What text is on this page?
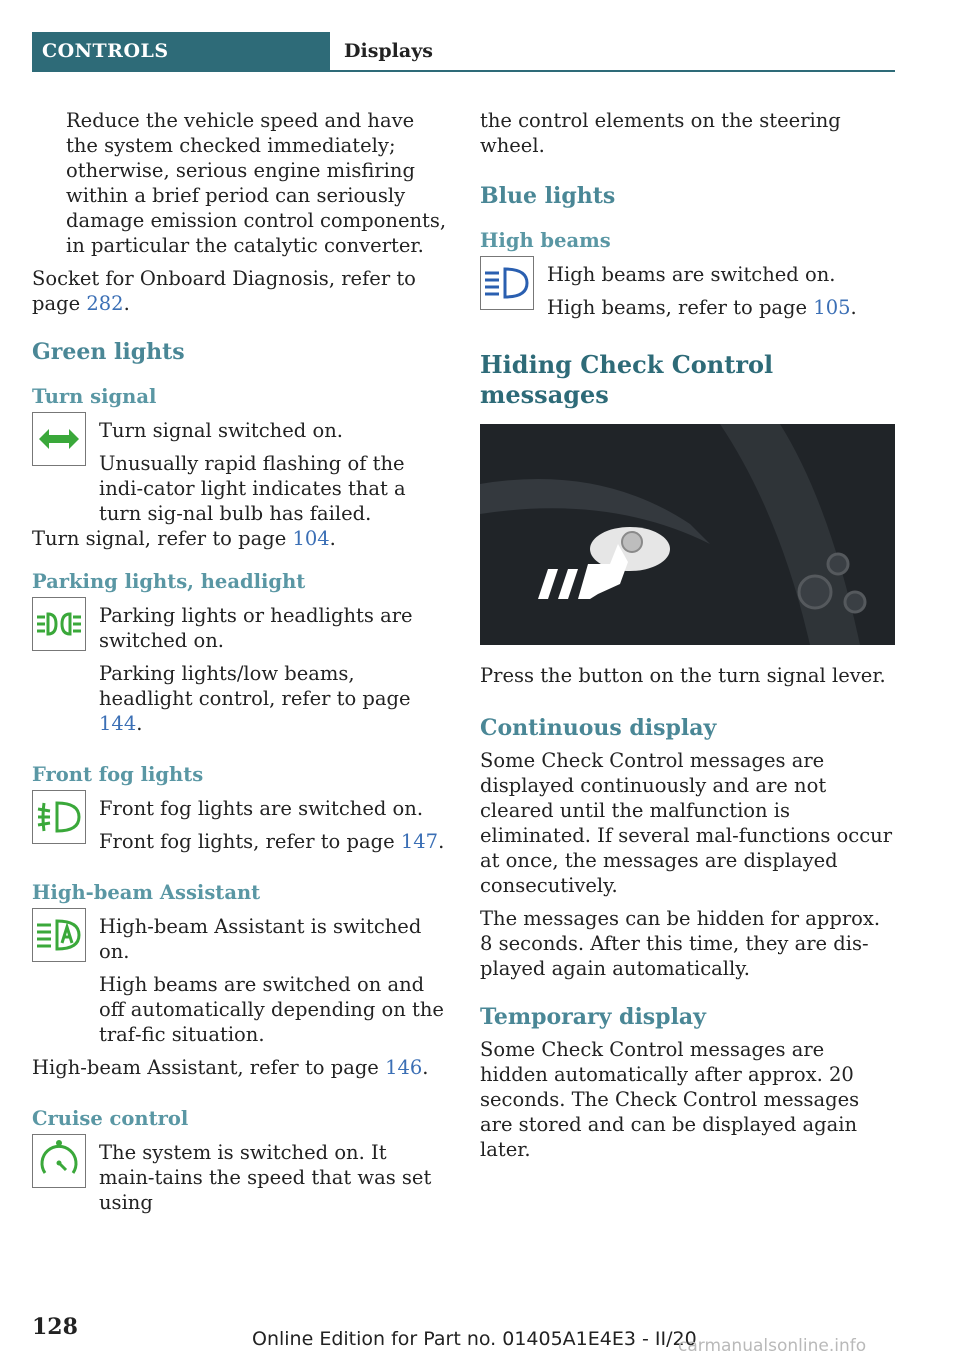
CONTROLS	Displays

Reduce the vehicle speed and have the system checked immediately; otherwise, serious engine misfiring within a brief period can seriously damage emission control components, in particular the catalytic converter.

Socket for Onboard Diagnosis, refer to page 282.

Green lights
Turn signal

Turn signal switched on.

Unusually rapid flashing of the indi‐cator light indicates that a turn sig‐nal bulb has failed.

Turn signal, refer to page 104.

Parking lights, headlight

Parking lights or headlights are switched on.

Parking lights/low beams, headlight control, refer to page 144.

Front fog lights

Front fog lights are switched on.

Front fog lights, refer to page 147.

High-beam Assistant

High-beam Assistant is switched on.

High beams are switched on and off automatically depending on the traf‐fic situation.

High-beam Assistant, refer to page 146.

Cruise control

The system is switched on. It main‐tains the speed that was set using

the control elements on the steering wheel.

Blue lights
High beams

High beams are switched on.

High beams, refer to page 105.

Hiding Check Control messages

Press the button on the turn signal lever.

Continuous display

Some Check Control messages are displayed continuously and are not cleared until the malfunction is eliminated. If several mal‐functions occur at once, the messages are displayed consecutively.

The messages can be hidden for approx. 8 seconds. After this time, they are dis‐played again automatically.

Temporary display

Some Check Control messages are hidden automatically after approx. 20 seconds. The Check Control messages are stored and can be displayed again later.

128	Online Edition for Part no. 01405A1E4E3 - II/20
carmanualsonline.info
